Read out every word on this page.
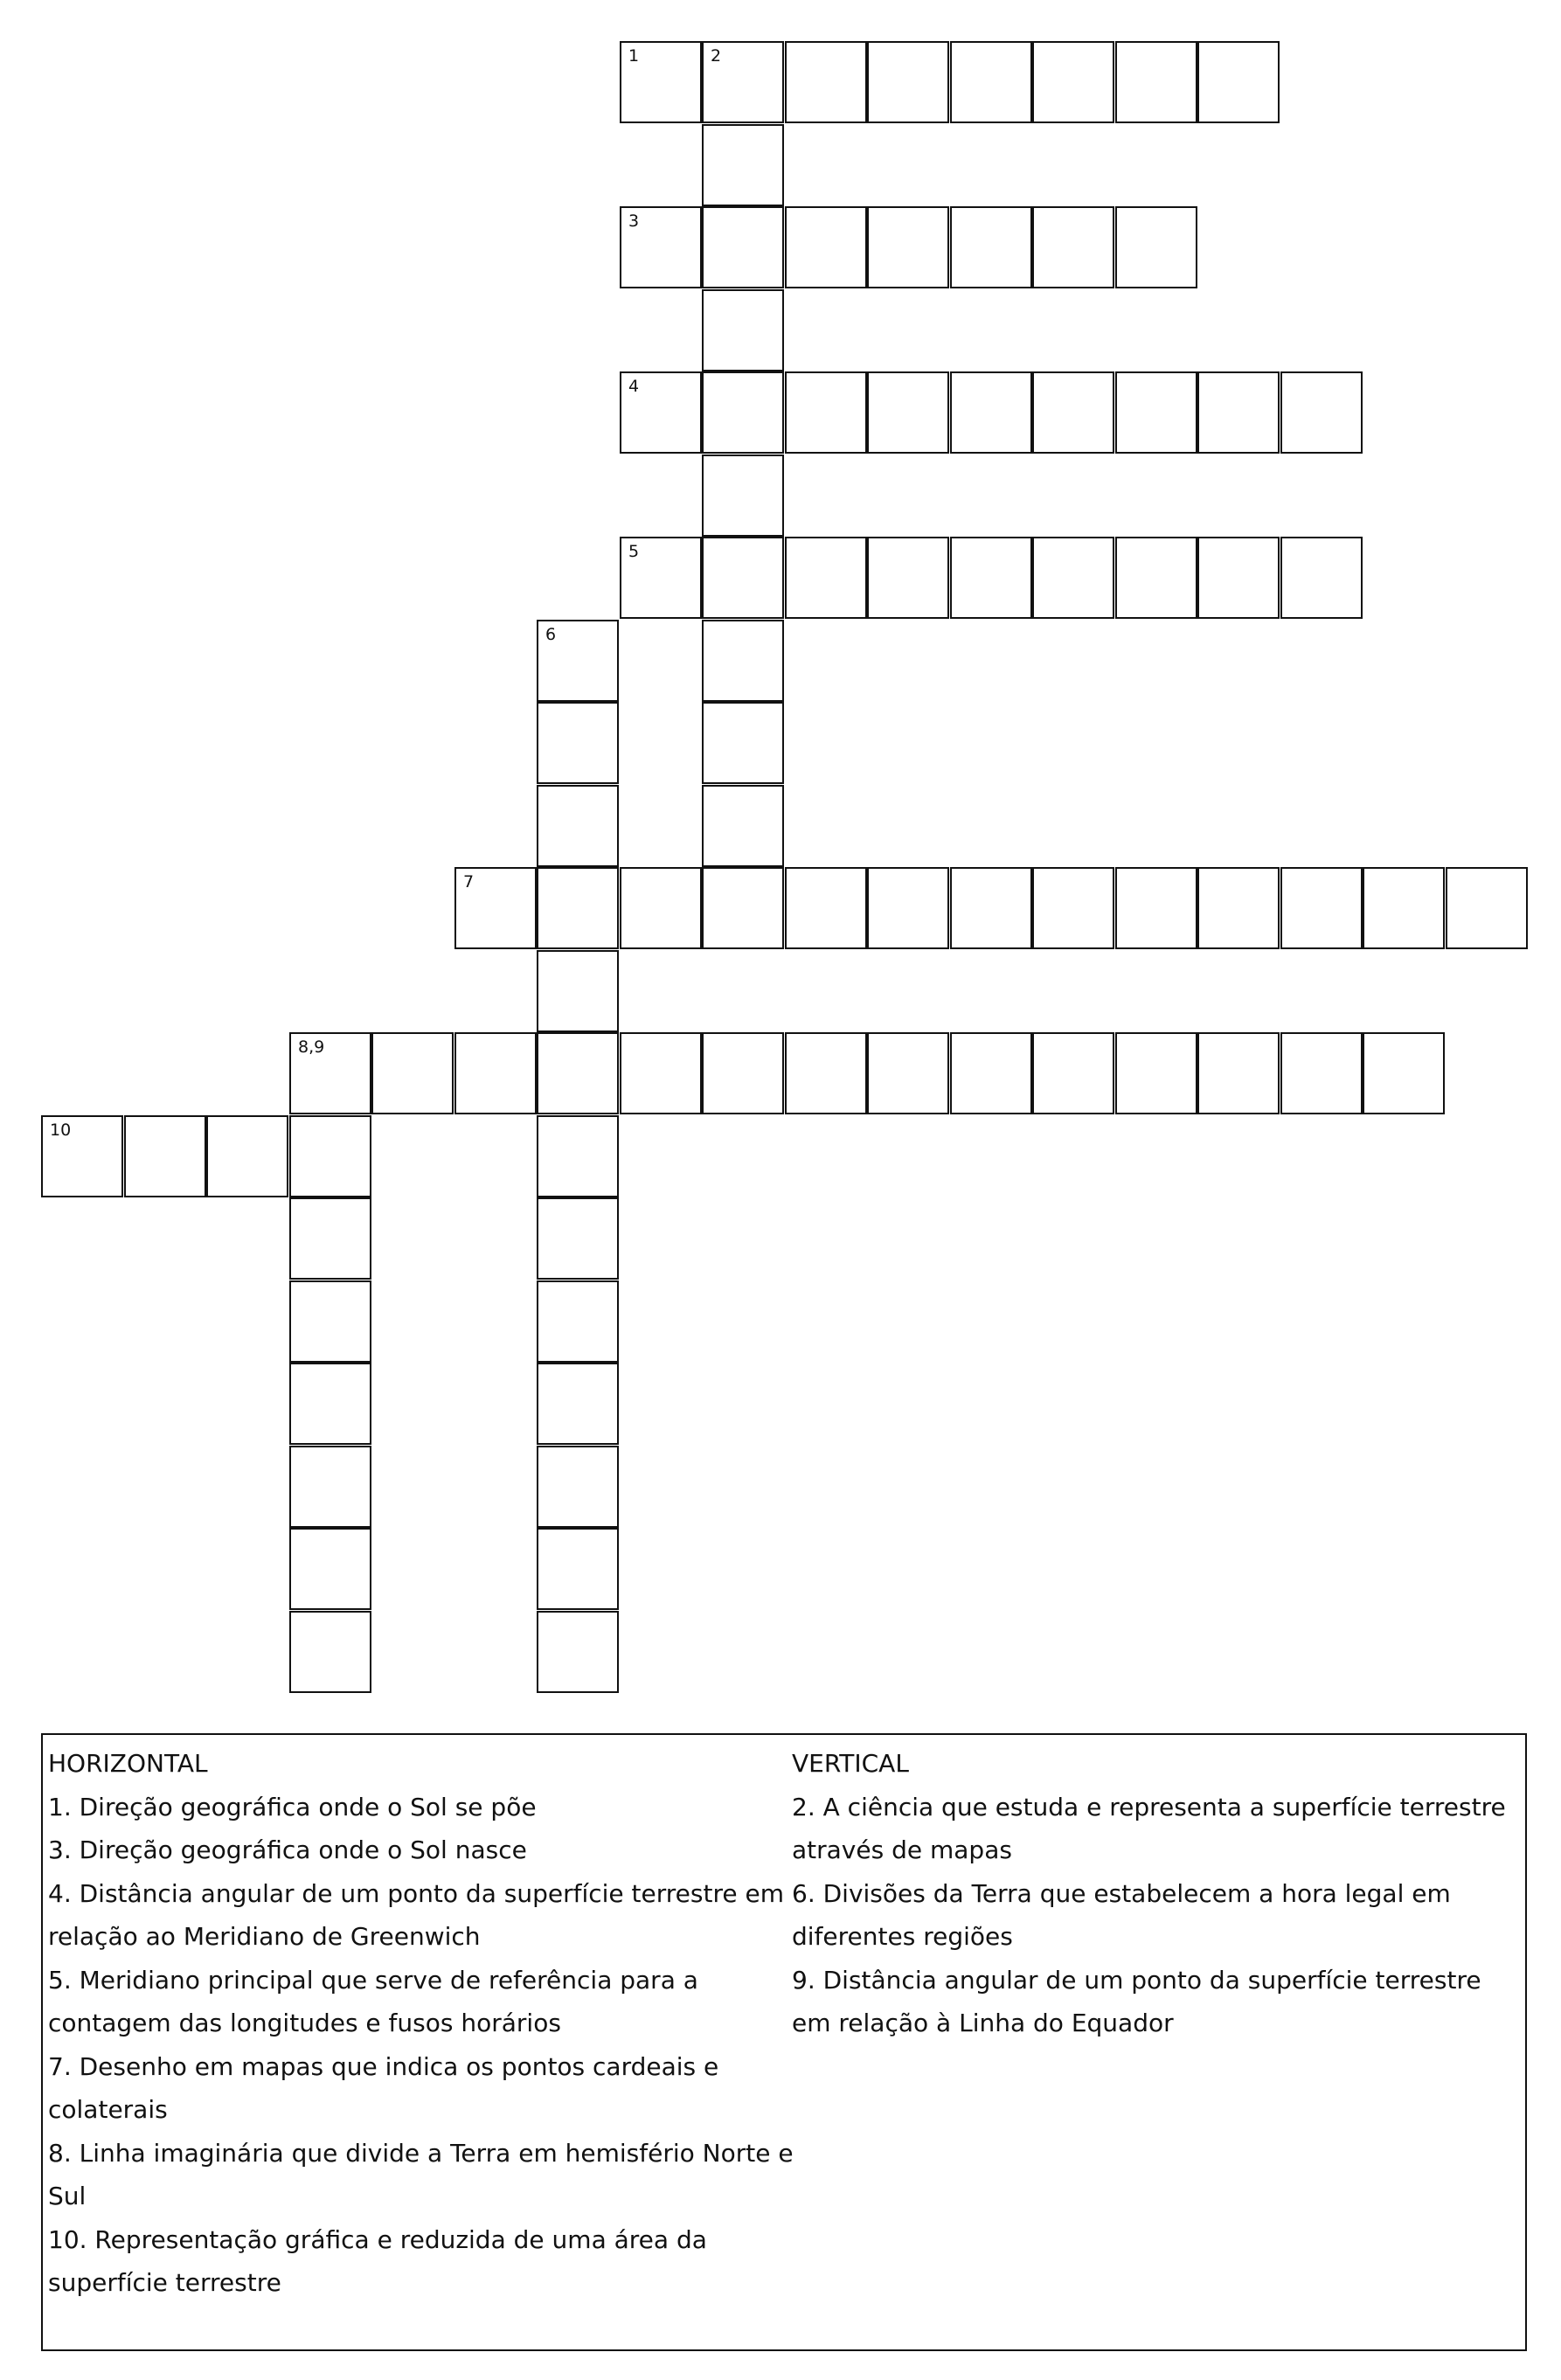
1	2
3
4
5
6
7
8,9
10
HORIZONTAL
1. Direção geográfica onde o Sol se põe
3. Direção geográfica onde o Sol nasce
4. Distância angular de um ponto da superfície terrestre em relação ao Meridiano de Greenwich
5. Meridiano principal que serve de referência para a contagem das longitudes e fusos horários
7. Desenho em mapas que indica os pontos cardeais e colaterais
8. Linha imaginária que divide a Terra em hemisfério Norte e Sul
10. Representação gráfica e reduzida de uma área da superfície terrestre
VERTICAL
2. A ciência que estuda e representa a superfície terrestre através de mapas
6. Divisões da Terra que estabelecem a hora legal em diferentes regiões
9. Distância angular de um ponto da superfície terrestre em relação à Linha do Equador
